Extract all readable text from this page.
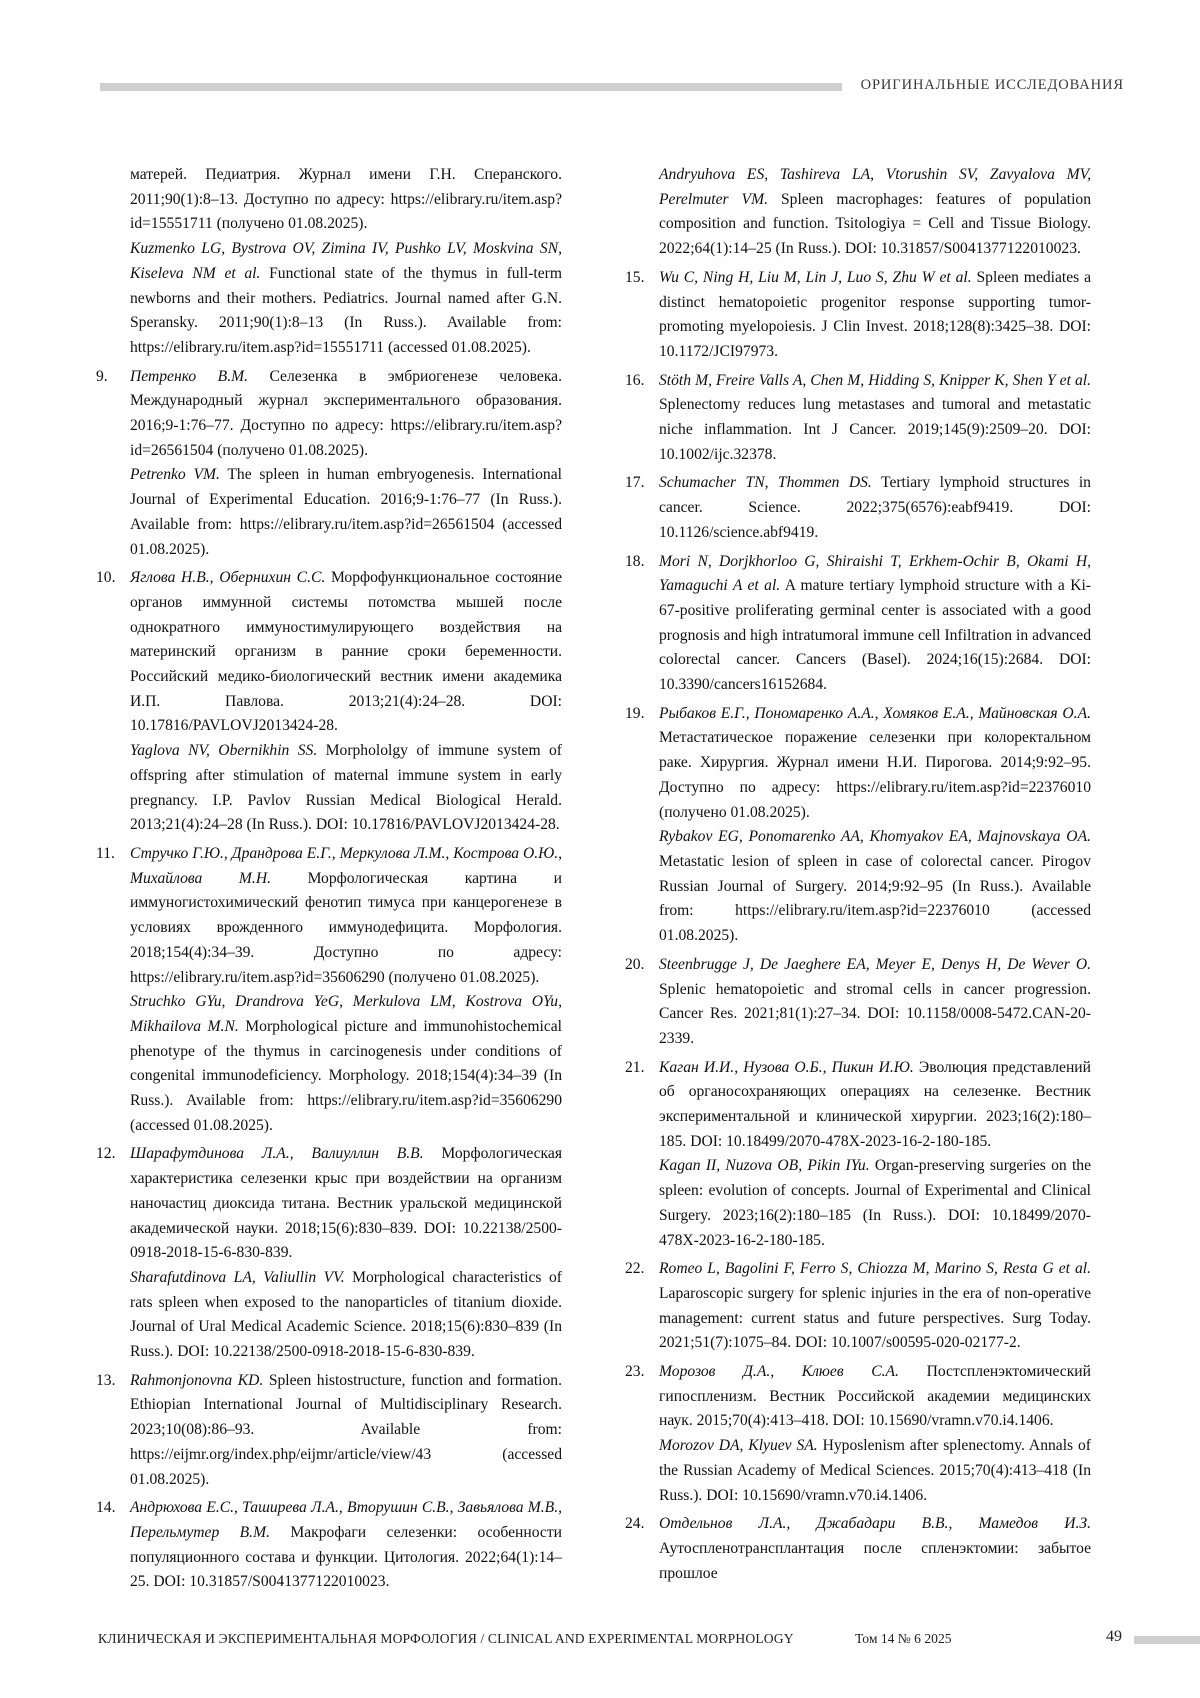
ОРИГИНАЛЬНЫЕ ИССЛЕДОВАНИЯ

матерей. Педиатрия. Журнал имени Г.Н. Сперанского. 2011;90(1):8–13. Доступно по адресу: https://elibrary.ru/item.asp?id=15551711 (получено 01.08.2025).

Kuzmenko LG, Bystrova OV, Zimina IV, Pushko LV, Moskvina SN, Kiseleva NM et al. Functional state of the thymus in full-term newborns and their mothers. Pediatrics. Journal named after G.N. Speransky. 2011;90(1):8–13 (In Russ.). Available from: https://elibrary.ru/item.asp?id=15551711 (accessed 01.08.2025).

9.	Петренко В.М. Селезенка в эмбриогенезе человека. Международный журнал экспериментального образования. 2016;9-1:76–77. Доступно по адресу: https://elibrary.ru/item.asp?id=26561504 (получено 01.08.2025).

Petrenko VM. The spleen in human embryogenesis. International Journal of Experimental Education. 2016;9-1:76–77 (In Russ.). Available from: https://elibrary.ru/item.asp?id=26561504 (accessed 01.08.2025).

10. Яглова Н.В., Обернихин С.С. Морфофункциональное состояние органов иммунной системы потомства мышей после однократного иммуностимулирующего воздействия на материнский организм в ранние сроки беременности. Российский медико-биологический вестник имени академика И.П. Павлова. 2013;21(4):24–28. DOI: 10.17816/PAVLOVJ2013424-28.

Yaglova NV, Obernikhin SS. Morphololgy of immune system of offspring after stimulation of maternal immune system in early pregnancy. I.P. Pavlov Russian Medical Biological Herald. 2013;21(4):24–28 (In Russ.). DOI: 10.17816/PAVLOVJ2013424-28.

11. Стручко Г.Ю., Драндрова Е.Г., Меркулова Л.М., Кострова О.Ю., Михайлова М.Н. Морфологическая картина и иммуногистохимический фенотип тимуса при канцерогенезе в условиях врожденного иммунодефицита. Морфология. 2018;154(4):34–39. Доступно по адресу: https://elibrary.ru/item.asp?id=35606290 (получено 01.08.2025).

Struchko GYu, Drandrova YeG, Merkulova LM, Kostrova OYu, Mikhailova M.N. Morphological picture and immunohistochemical phenotype of the thymus in carcinogenesis under conditions of congenital immunodeficiency. Morphology. 2018;154(4):34–39 (In Russ.). Available from: https://elibrary.ru/item.asp?id=35606290 (accessed 01.08.2025).

12. Шарафутдинова Л.А., Валиуллин В.В. Морфологическая характеристика селезенки крыс при воздействии на организм наночастиц диоксида титана. Вестник уральской медицинской академической науки. 2018;15(6):830–839. DOI: 10.22138/2500-0918-2018-15-6-830-839.

Sharafutdinova LA, Valiullin VV. Morphological characteristics of rats spleen when exposed to the nanoparticles of titanium dioxide. Journal of Ural Medical Academic Science. 2018;15(6):830–839 (In Russ.). DOI: 10.22138/2500-0918-2018-15-6-830-839.

13. Rahmonjonovna KD. Spleen histostructure, function and formation. Ethiopian International Journal of Multidisciplinary Research. 2023;10(08):86–93. Available from: https://eijmr.org/index.php/eijmr/article/view/43 (accessed 01.08.2025).

14. Андрюхова Е.С., Таширева Л.А., Вторушин С.В., Завьялова М.В., Перельмутер В.М. Макрофаги селезенки: особенности популяционного состава и функции. Цитология. 2022;64(1):14–25. DOI: 10.31857/S0041377122010023.

Andryuhova ES, Tashireva LA, Vtorushin SV, Zavyalova MV, Perelmuter VM. Spleen macrophages: features of population composition and function. Tsitologiya = Cell and Tissue Biology. 2022;64(1):14–25 (In Russ.). DOI: 10.31857/S0041377122010023.

15. Wu C, Ning H, Liu M, Lin J, Luo S, Zhu W et al. Spleen mediates a distinct hematopoietic progenitor response supporting tumor-promoting myelopoiesis. J Clin Invest. 2018;128(8):3425–38. DOI: 10.1172/JCI97973.

16. Stöth M, Freire Valls A, Chen M, Hidding S, Knipper K, Shen Y et al. Splenectomy reduces lung metastases and tumoral and metastatic niche inflammation. Int J Cancer. 2019;145(9):2509–20. DOI: 10.1002/ijc.32378.

17. Schumacher TN, Thommen DS. Tertiary lymphoid structures in cancer. Science. 2022;375(6576):eabf9419. DOI: 10.1126/science.abf9419.

18. Mori N, Dorjkhorloo G, Shiraishi T, Erkhem-Ochir B, Okami H, Yamaguchi A et al. A mature tertiary lymphoid structure with a Ki-67-positive proliferating germinal center is associated with a good prognosis and high intratumoral immune cell Infiltration in advanced colorectal cancer. Cancers (Basel). 2024;16(15):2684. DOI: 10.3390/cancers16152684.

19. Рыбаков Е.Г., Пономаренко А.А., Хомяков Е.А., Майновская О.А. Метастатическое поражение селезенки при колоректальном раке. Хирургия. Журнал имени Н.И. Пирогова. 2014;9:92–95. Доступно по адресу: https://elibrary.ru/item.asp?id=22376010 (получено 01.08.2025).

Rybakov EG, Ponomarenko AA, Khomyakov EA, Majnovskaya OA. Metastatic lesion of spleen in case of colorectal cancer. Pirogov Russian Journal of Surgery. 2014;9:92–95 (In Russ.). Available from: https://elibrary.ru/item.asp?id=22376010 (accessed 01.08.2025).

20. Steenbrugge J, De Jaeghere EA, Meyer E, Denys H, De Wever O. Splenic hematopoietic and stromal cells in cancer progression. Cancer Res. 2021;81(1):27–34. DOI: 10.1158/0008-5472.CAN-20-2339.

21. Каган И.И., Нузова О.Б., Пикин И.Ю. Эволюция представлений об органосохраняющих операциях на селезенке. Вестник экспериментальной и клинической хирургии. 2023;16(2):180–185. DOI: 10.18499/2070-478X-2023-16-2-180-185.

Kagan II, Nuzova OB, Pikin IYu. Organ-preserving surgeries on the spleen: evolution of concepts. Journal of Experimental and Clinical Surgery. 2023;16(2):180–185 (In Russ.). DOI: 10.18499/2070-478X-2023-16-2-180-185.

22. Romeo L, Bagolini F, Ferro S, Chiozza M, Marino S, Resta G et al. Laparoscopic surgery for splenic injuries in the era of non-operative management: current status and future perspectives. Surg Today. 2021;51(7):1075–84. DOI: 10.1007/s00595-020-02177-2.

23. Морозов Д.А., Клюев С.А. Постспленэктомический гипоспленизм. Вестник Российской академии медицинских наук. 2015;70(4):413–418. DOI: 10.15690/vramn.v70.i4.1406.

Morozov DA, Klyuev SA. Hyposlenism after splenectomy. Annals of the Russian Academy of Medical Sciences. 2015;70(4):413–418 (In Russ.). DOI: 10.15690/vramn.v70.i4.1406.

24. Отдельнов Л.А., Джабадари В.В., Мамедов И.З. Аутоспленотрансплантация после спленэктомии: забытое прошлое

КЛИНИЧЕСКАЯ И ЭКСПЕРИМЕНТАЛЬНАЯ МОРФОЛОГИЯ / CLINICAL AND EXPERIMENTAL MORPHOLOGY	Том 14 № 6 2025	49
